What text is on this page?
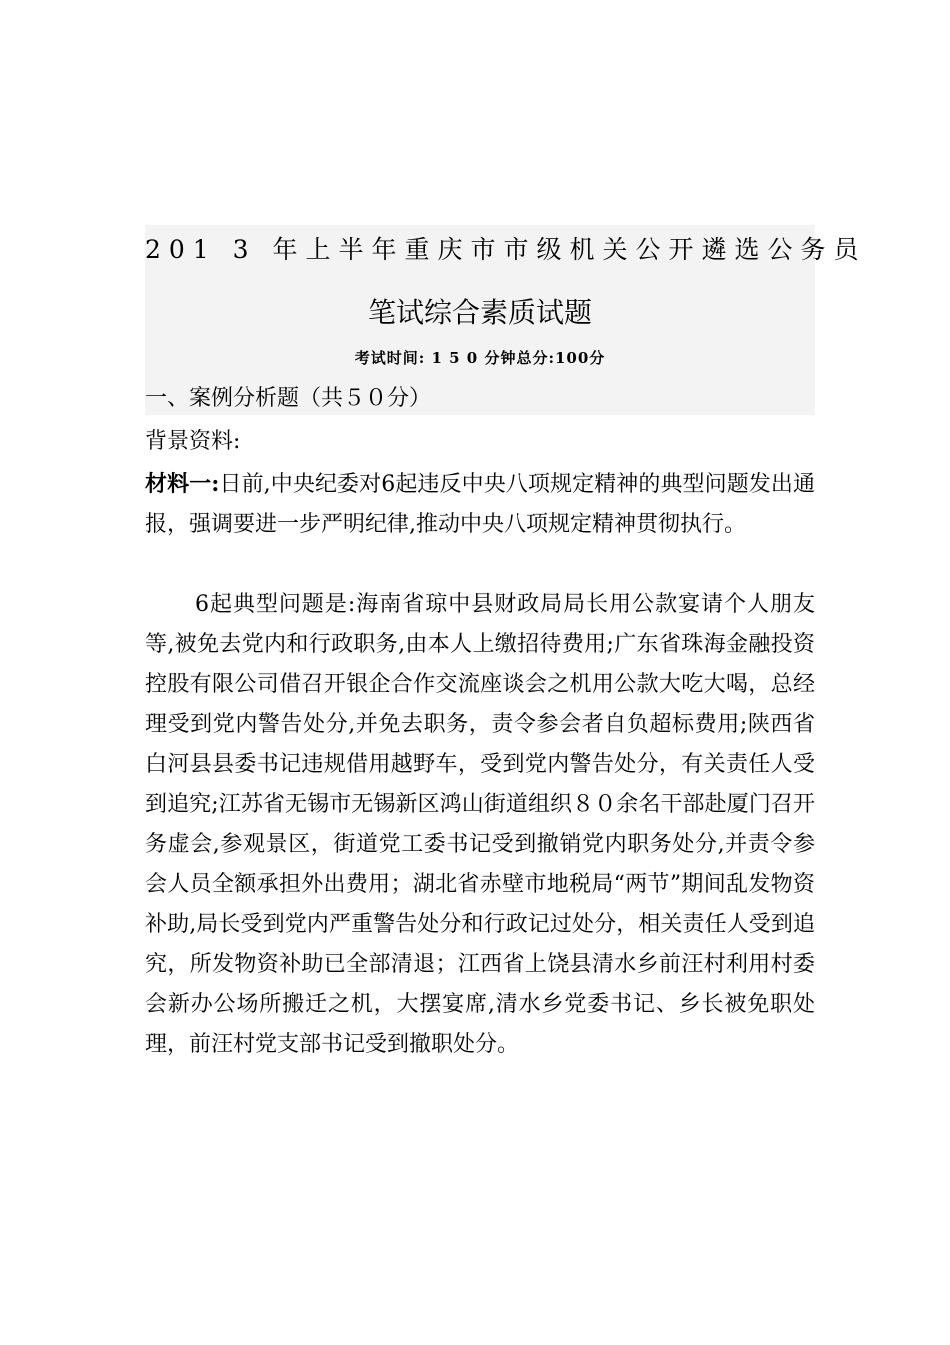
201 3 年上半年重庆市市级机关公开遴选公务员
笔试综合素质试题
考试时间: 1 5 0 分钟总分:100分
一、案例分析题（共５０分）
背景资料:

材料一:日前,中央纪委对6起违反中央八项规定精神的典型问题发出通报，强调要进一步严明纪律,推动中央八项规定精神贯彻执行。

6起典型问题是:海南省琼中县财政局局长用公款宴请个人朋友等,被免去党内和行政职务,由本人上缴招待费用;广东省珠海金融投资控股有限公司借召开银企合作交流座谈会之机用公款大吃大喝，总经理受到党内警告处分,并免去职务，责令参会者自负超标费用;陕西省白河县县委书记违规借用越野车，受到党内警告处分，有关责任人受到追究;江苏省无锡市无锡新区鸿山街道组织８０余名干部赴厦门召开务虚会,参观景区，街道党工委书记受到撤销党内职务处分,并责令参会人员全额承担外出费用；湖北省赤壁市地税局“两节”期间乱发物资补助,局长受到党内严重警告处分和行政记过处分，相关责任人受到追究，所发物资补助已全部清退；江西省上饶县清水乡前汪村利用村委会新办公场所搬迁之机，大摆宴席,清水乡党委书记、乡长被免职处理，前汪村党支部书记受到撤职处分。
